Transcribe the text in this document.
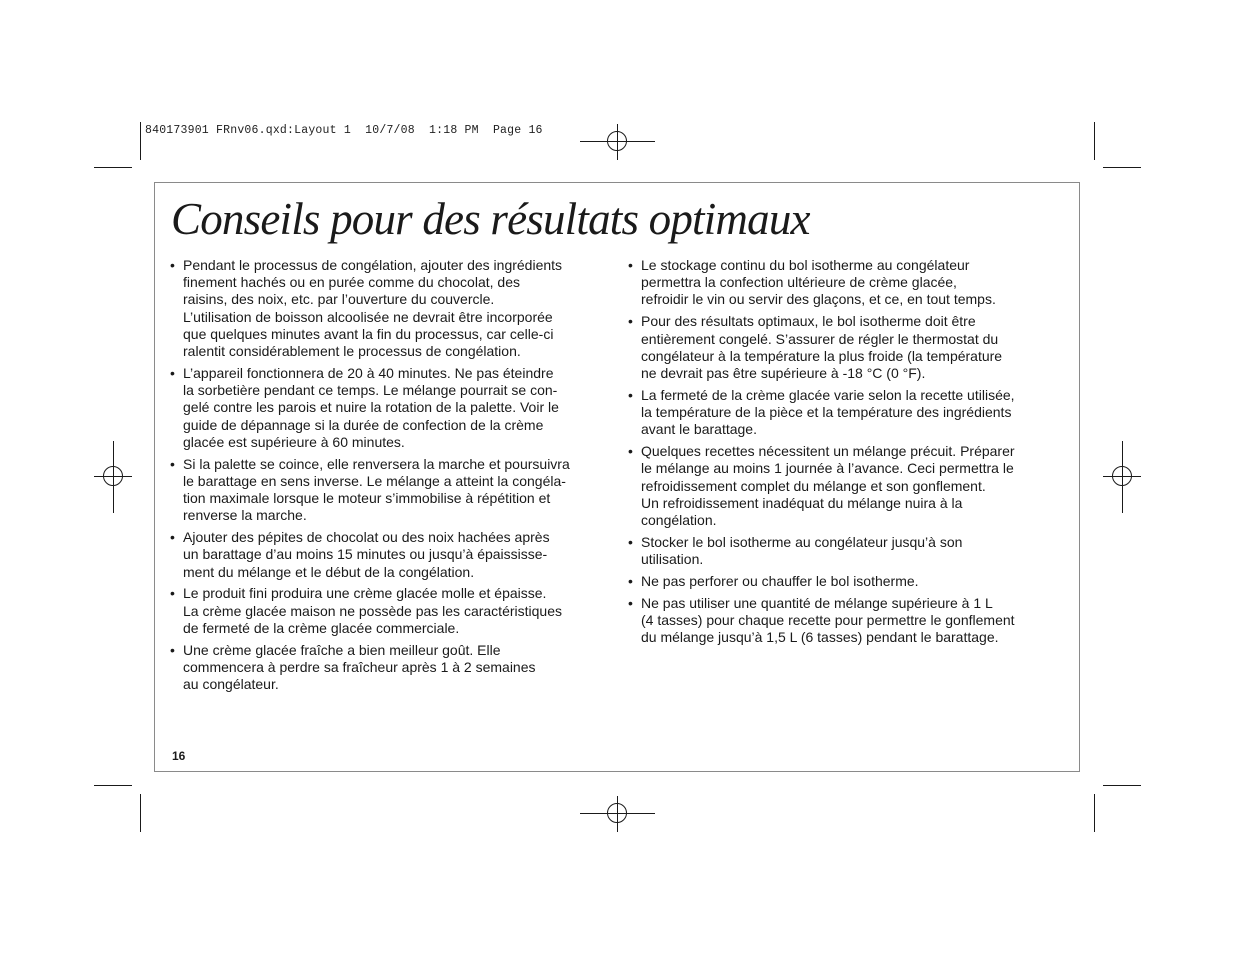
840173901 FRnv06.qxd:Layout 1  10/7/08  1:18 PM  Page 16
Conseils pour des résultats optimaux
• Pendant le processus de congélation, ajouter des ingrédients
finement hachés ou en purée comme du chocolat, des
raisins, des noix, etc. par l’ouverture du couvercle.
L’utilisation de boisson alcoolisée ne devrait être incorporée
que quelques minutes avant la fin du processus, car celle-ci
ralentit considérablement le processus de congélation.
• L’appareil fonctionnera de 20 à 40 minutes. Ne pas éteindre
la sorbetière pendant ce temps. Le mélange pourrait se con-
gelé contre les parois et nuire la rotation de la palette. Voir le
guide de dépannage si la durée de confection de la crème
glacée est supérieure à 60 minutes.
• Si la palette se coince, elle renversera la marche et poursuivra
le barattage en sens inverse. Le mélange a atteint la congéla-
tion maximale lorsque le moteur s’immobilise à répétition et
renverse la marche.
• Ajouter des pépites de chocolat ou des noix hachées après
un barattage d’au moins 15 minutes ou jusqu’à épaississe-
ment du mélange et le début de la congélation.
• Le produit fini produira une crème glacée molle et épaisse.
La crème glacée maison ne possède pas les caractéristiques
de fermeté de la crème glacée commerciale.
• Une crème glacée fraîche a bien meilleur goût. Elle
commencera à perdre sa fraîcheur après 1 à 2 semaines
au congélateur.
• Le stockage continu du bol isotherme au congélateur
permettra la confection ultérieure de crème glacée,
refroidir le vin ou servir des glaçons, et ce, en tout temps.
• Pour des résultats optimaux, le bol isotherme doit être
entièrement congelé. S’assurer de régler le thermostat du
congélateur à la température la plus froide (la température
ne devrait pas être supérieure à -18 °C (0 °F).
• La fermeté de la crème glacée varie selon la recette utilisée,
la température de la pièce et la température des ingrédients
avant le barattage.
• Quelques recettes nécessitent un mélange précuit. Préparer
le mélange au moins 1 journée à l’avance. Ceci permettra le
refroidissement complet du mélange et son gonflement.
Un refroidissement inadéquat du mélange nuira à la
congélation.
• Stocker le bol isotherme au congélateur jusqu’à son
utilisation.
• Ne pas perforer ou chauffer le bol isotherme.
• Ne pas utiliser une quantité de mélange supérieure à 1 L
(4 tasses) pour chaque recette pour permettre le gonflement
du mélange jusqu’à 1,5 L (6 tasses) pendant le barattage.
16
